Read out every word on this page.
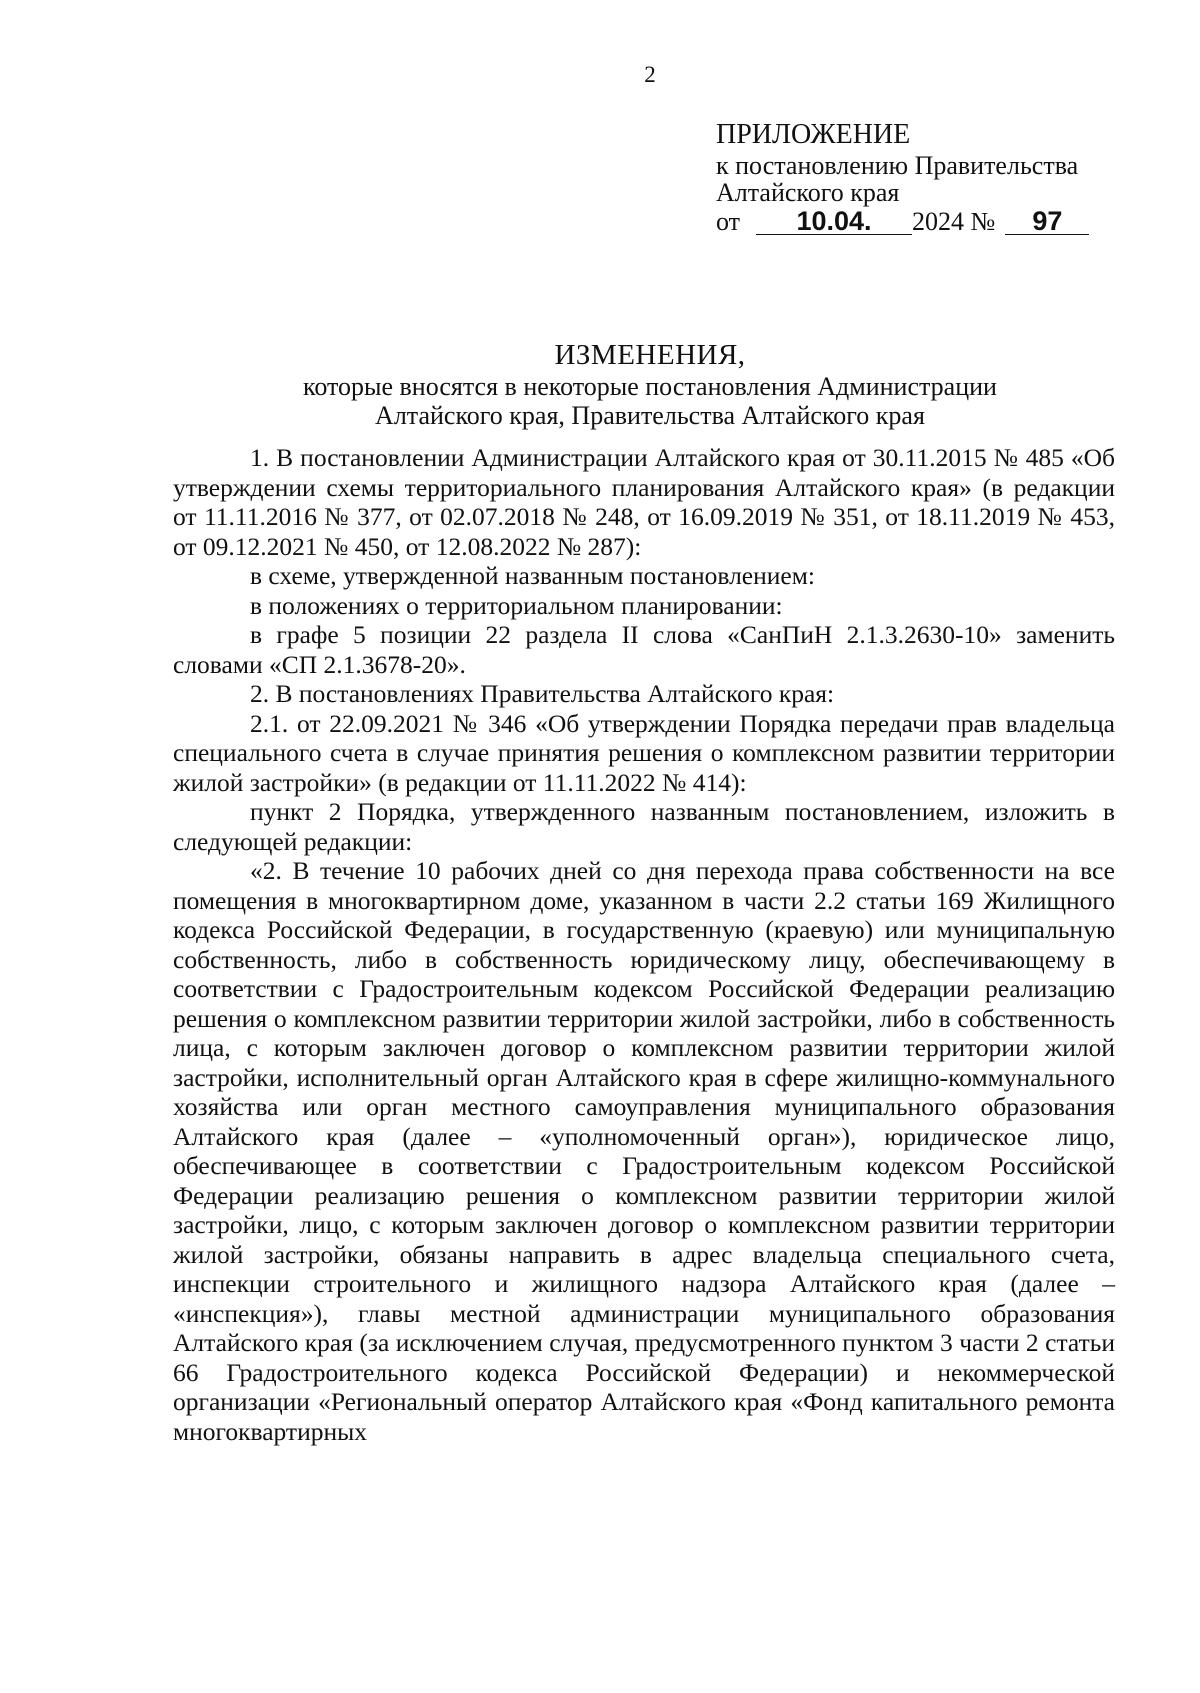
2
ПРИЛОЖЕНИЕ
к постановлению Правительства
Алтайского края
от 10.04. 2024 № 97
ИЗМЕНЕНИЯ,
которые вносятся в некоторые постановления Администрации
Алтайского края, Правительства Алтайского края

1. В постановлении Администрации Алтайского края от 30.11.2015 № 485 «Об утверждении схемы территориального планирования Алтайского края» (в редакции от 11.11.2016 № 377, от 02.07.2018 № 248, от 16.09.2019 № 351, от 18.11.2019 № 453, от 09.12.2021 № 450, от 12.08.2022 № 287):

в схеме, утвержденной названным постановлением:

в положениях о территориальном планировании:

в графе 5 позиции 22 раздела II слова «СанПиН 2.1.3.2630-10» заменить словами «СП 2.1.3678-20».

2. В постановлениях Правительства Алтайского края:

2.1. от 22.09.2021 № 346 «Об утверждении Порядка передачи прав владельца специального счета в случае принятия решения о комплексном развитии территории жилой застройки» (в редакции от 11.11.2022 № 414):

пункт 2 Порядка, утвержденного названным постановлением, изложить в следующей редакции:

«2. В течение 10 рабочих дней со дня перехода права собственности на все помещения в многоквартирном доме, указанном в части 2.2 статьи 169 Жилищного кодекса Российской Федерации, в государственную (краевую) или муниципальную собственность, либо в собственность юридическому лицу, обеспечивающему в соответствии с Градостроительным кодексом Российской Федерации реализацию решения о комплексном развитии территории жилой застройки, либо в собственность лица, с которым заключен договор о комплексном развитии территории жилой застройки, исполнительный орган Алтайского края в сфере жилищно-коммунального хозяйства или орган местного самоуправления муниципального образования Алтайского края (далее – «уполномоченный орган»), юридическое лицо, обеспечивающее в соответствии с Градостроительным кодексом Российской Федерации реализацию решения о комплексном развитии территории жилой застройки, лицо, с которым заключен договор о комплексном развитии территории жилой застройки, обязаны направить в адрес владельца специального счета, инспекции строительного и жилищного надзора Алтайского края (далее – «инспекция»), главы местной администрации муниципального образования Алтайского края (за исключением случая, предусмотренного пунктом 3 части 2 статьи 66 Градостроительного кодекса Российской Федерации) и некоммерческой организации «Региональный оператор Алтайского края «Фонд капитального ремонта многоквартирных
